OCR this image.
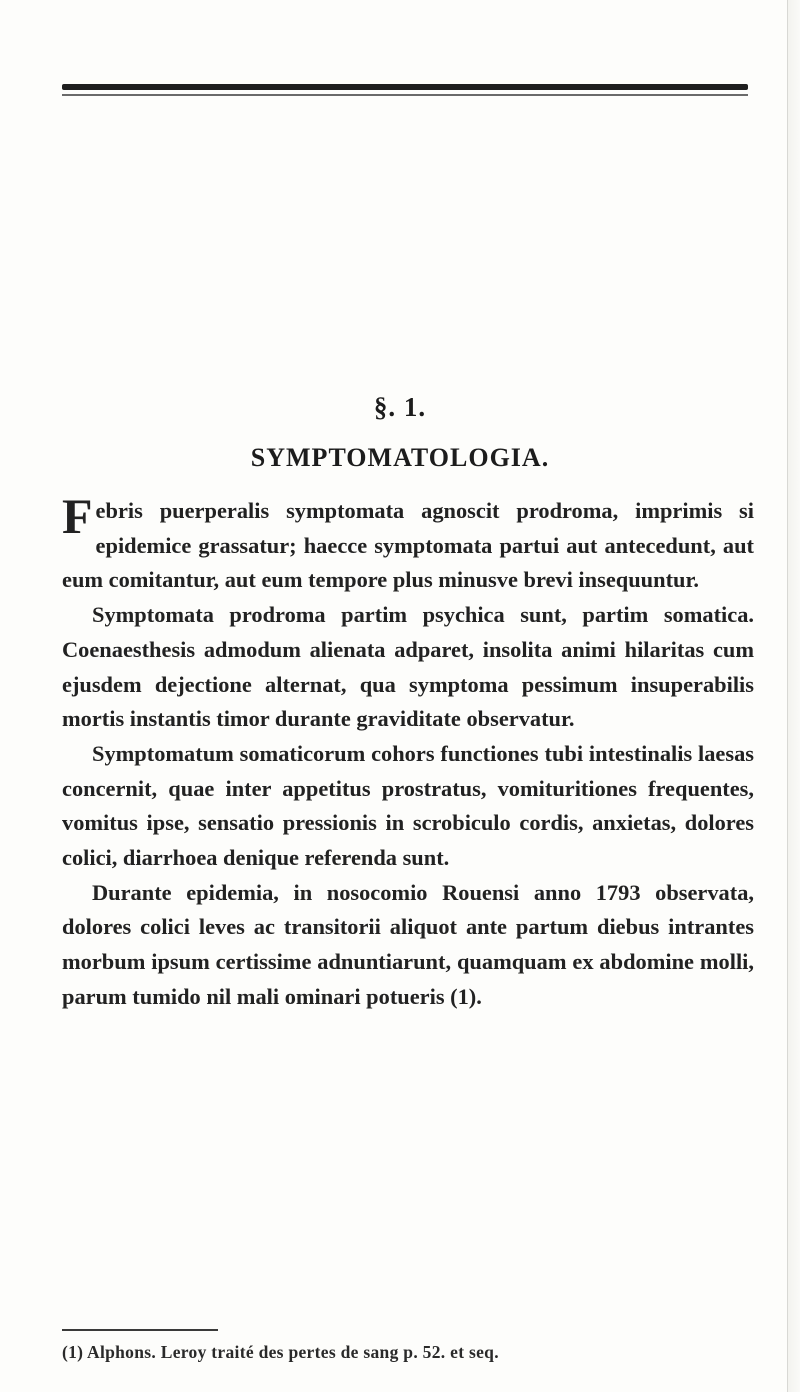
§. 1.
SYMPTOMATOLOGIA.

Febris puerperalis symptomata agnoscit prodroma, imprimis si epidemice grassatur; haecce symptomata partui aut antecedunt, aut eum comitantur, aut eum tempore plus minusve brevi insequuntur.

Symptomata prodroma partim psychica sunt, partim somatica. Coenaesthesis admodum alienata adparet, insolita animi hilaritas cum ejusdem dejectione alternat, qua symptoma pessimum insuperabilis mortis instantis timor durante graviditate observatur.

Symptomatum somaticorum cohors functiones tubi intestinalis laesas concernit, quae inter appetitus prostratus, vomituritiones frequentes, vomitus ipse, sensatio pressionis in scrobiculo cordis, anxietas, dolores colici, diarrhoea denique referenda sunt.

Durante epidemia, in nosocomio Rouensi anno 1793 observata, dolores colici leves ac transitorii aliquot ante partum diebus intrantes morbum ipsum certissime adnuntiarunt, quamquam ex abdomine molli, parum tumido nil mali ominari potueris (1).

(1) Alphons. Leroy traité des pertes de sang p. 52. et seq.
